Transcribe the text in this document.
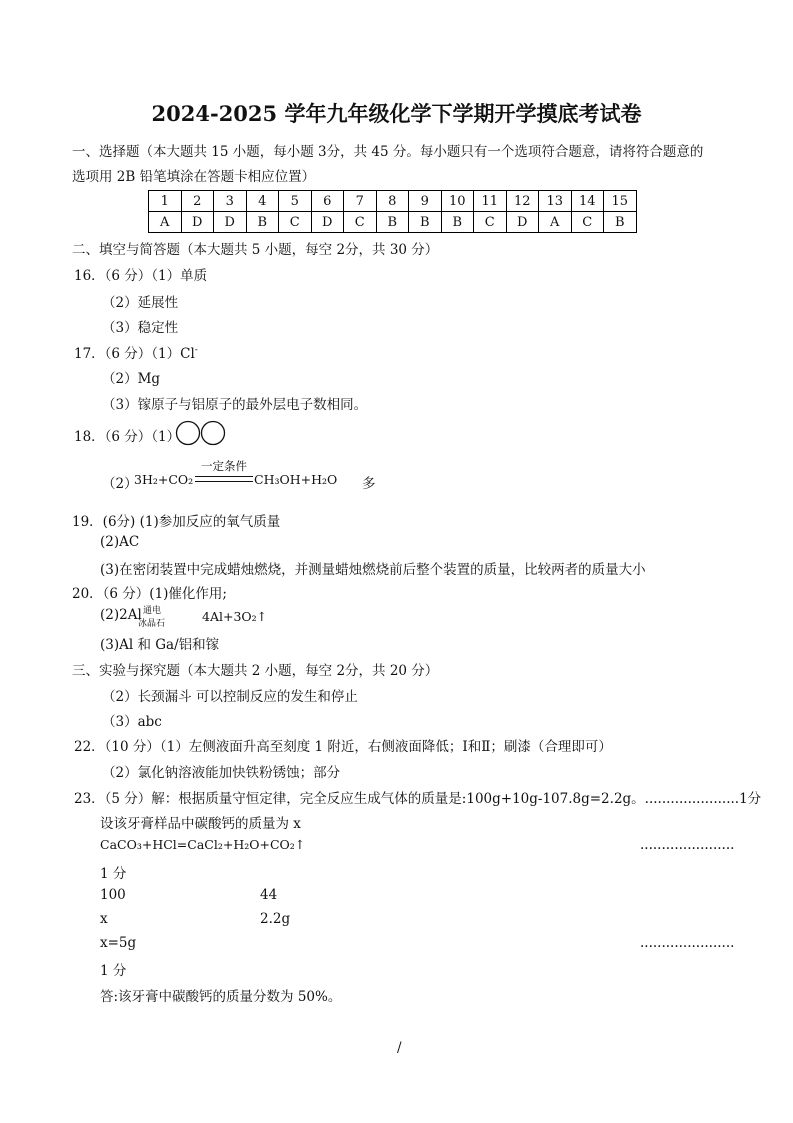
2024-2025 学年九年级化学下学期开学摸底考试卷
一、选择题（本大题共 15 小题，每小题 3分，共 45 分。每小题只有一个选项符合题意，请将符合题意的
选项用 2B 铅笔填涂在答题卡相应位置）
1	2	3	4	5	6	7	8	9	10	11	12	13	14	15
A	D	D	B	C	D	C	B	B	B	C	D	A	C	B
二、填空与简答题（本大题共 5 小题，每空 2分，共 30 分）
16．（6 分）（1）单质
（2）延展性
（3）稳定性
17．（6 分）（1）Cl-
（2）Mg
（3）镓原子与铝原子的最外层电子数相同。
18．（6 分）（1）
（2）
3H₂+CO₂
一定条件
CH₃OH+H₂O 多
19．(6分) (1)参加反应的氧气质量
(2)AC
(3)在密闭装置中完成蜡烛燃烧，并测量蜡烛燃烧前后整个装置的质量，比较两者的质量大小
20．（6 分）(1)催化作用;
(2)2Al 通电
冰晶石	4Al+3O₂↑
(3)Al 和 Ga/铝和镓
三、实验与探究题（本大题共 2 小题，每空 2分，共 20 分）
（2）长颈漏斗 可以控制反应的发生和停止
（3）abc
22．（10 分）（1）左侧液面升高至刻度 1 附近，右侧液面降低；Ⅰ和Ⅱ；刷漆（合理即可）
（2）氯化钠溶液能加快铁粉锈蚀；部分
23．（5 分）解：根据质量守恒定律，完全反应生成气体的质量是:100g+10g-107.8g=2.2g。......................1分
设该牙膏样品中碳酸钙的质量为 x
CaCO₃+HCl=CaCl₂+H₂O+CO₂↑	......................
1 分
100	44
x	2.2g
x=5g	......................
1 分
答:该牙膏中碳酸钙的质量分数为 50%。
/
